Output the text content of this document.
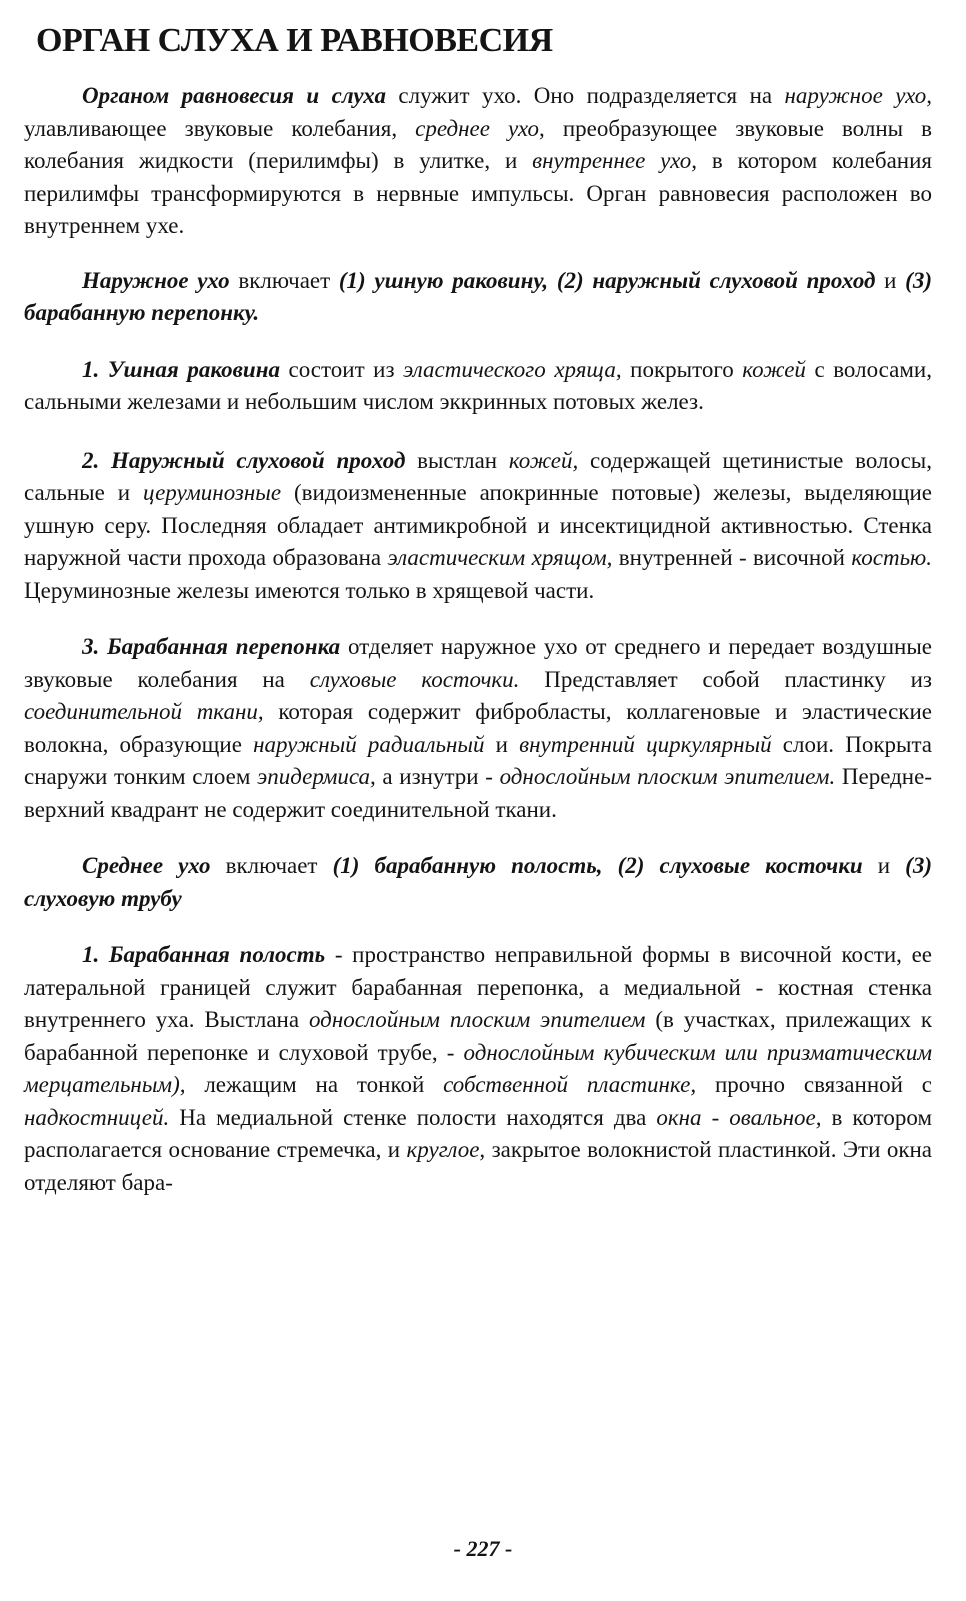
ОРГАН СЛУХА И РАВНОВЕСИЯ

Органом равновесия и слуха служит ухо. Оно подразделяется на наружное ухо, улавливающее звуковые колебания, среднее ухо, преобразующее звуковые волны в колебания жидкости (перилимфы) в улитке, и внутреннее ухо, в котором колебания перилимфы трансформируются в нервные импульсы. Орган равновесия расположен во внутреннем ухе.

Наружное ухо включает (1) ушную раковину, (2) наружный слуховой проход и (3) барабанную перепонку.

1. Ушная раковина состоит из эластического хряща, покрытого кожей с волосами, сальными железами и небольшим числом эккринных потовых желез.

2. Наружный слуховой проход выстлан кожей, содержащей щетинистые волосы, сальные и церуминозные (видоизмененные апокринные потовые) железы, выделяющие ушную серу. Последняя обладает антимикробной и инсектицидной активностью. Стенка наружной части прохода образована эластическим хрящом, внутренней - височной костью. Церуминозные железы имеются только в хрящевой части.

3. Барабанная перепонка отделяет наружное ухо от среднего и передает воздушные звуковые колебания на слуховые косточки. Представляет собой пластинку из соединительной ткани, которая содержит фибробласты, коллагеновые и эластические волокна, образующие наружный радиальный и внутренний циркулярный слои. Покрыта снаружи тонким слоем эпидермиса, а изнутри - однослойным плоским эпителием. Передне-верхний квадрант не содержит соединительной ткани.

Среднее ухо включает (1) барабанную полость, (2) слуховые косточки и (3) слуховую трубу

1. Барабанная полость - пространство неправильной формы в височной кости, ее латеральной границей служит барабанная перепонка, а медиальной - костная стенка внутреннего уха. Выстлана однослойным плоским эпителием (в участках, прилежащих к барабанной перепонке и слуховой трубе, - однослойным кубическим или призматическим мерцательным), лежащим на тонкой собственной пластинке, прочно связанной с надкостницей. На медиальной стенке полости находятся два окна - овальное, в котором располагается основание стремечка, и круглое, закрытое волокнистой пластинкой. Эти окна отделяют бара-

- 227 -
